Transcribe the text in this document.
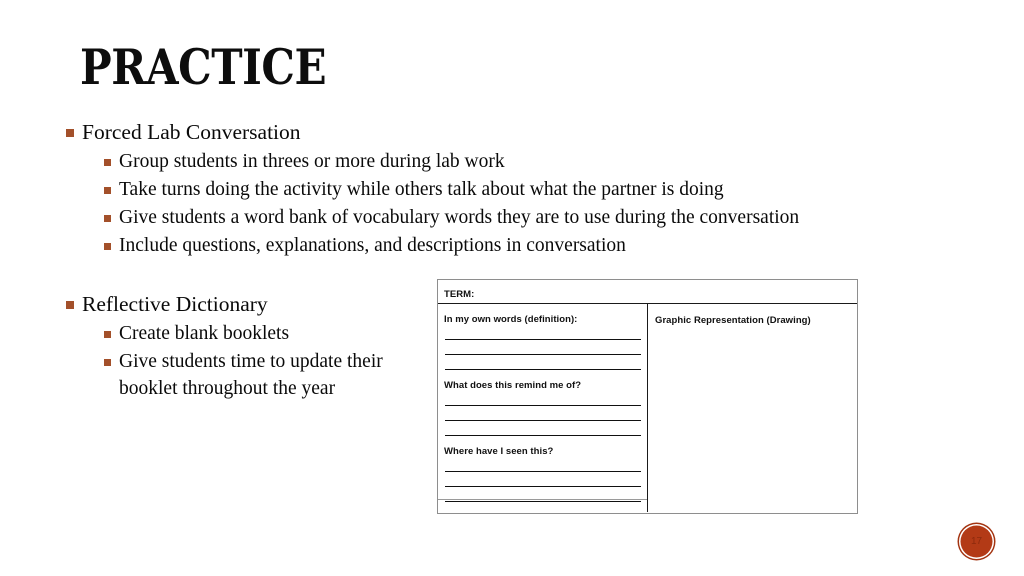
PRACTICE
Forced Lab Conversation
Group students in threes or more during lab work
Take turns doing the activity while others talk about what the partner is doing
Give students a word bank of vocabulary words they are to use during the conversation
Include questions, explanations, and descriptions in conversation
Reflective Dictionary
Create blank booklets
Give students time to update their booklet throughout the year
TERM:
In my own words (definition):
What does this remind me of?
Where have I seen this?
Graphic Representation (Drawing)
17
